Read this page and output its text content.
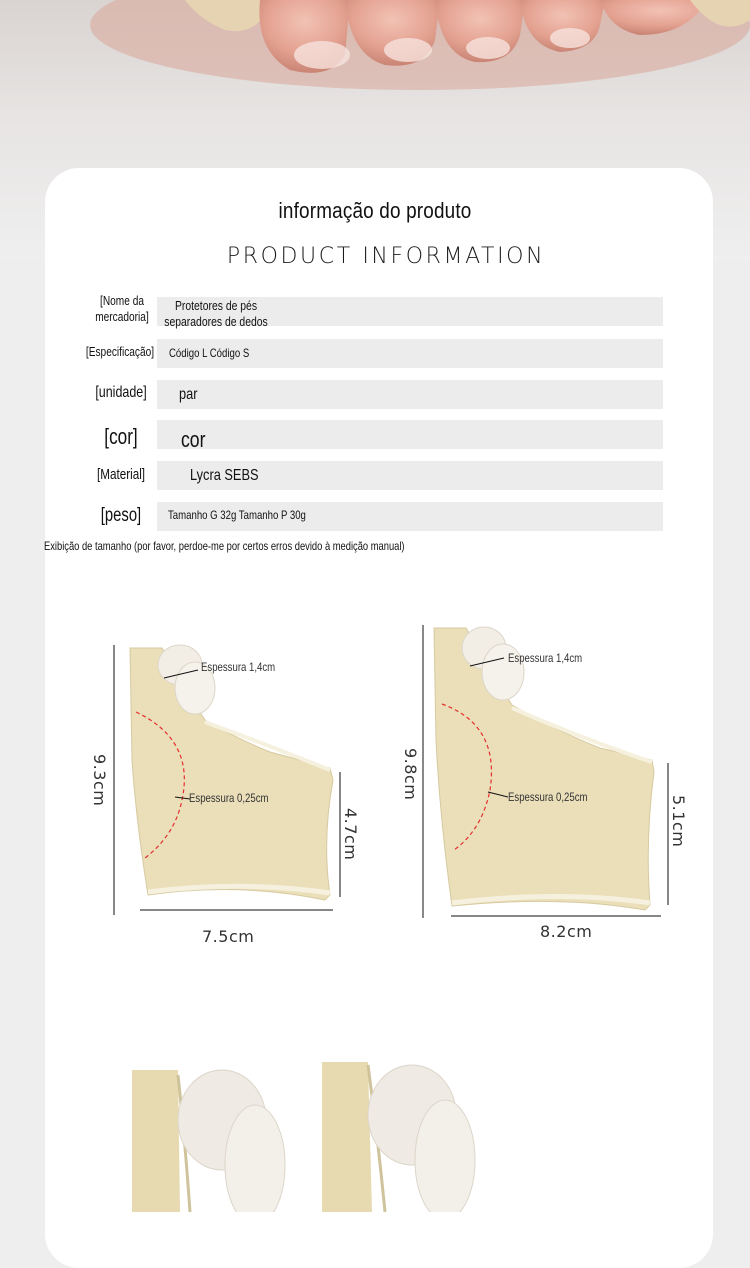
informação do produto
PRODUCT INFORMATION
[Nome da mercadoria]
Protetores de pés separadores de dedos
[Especificação]	Código L Código S
[unidade]	par
[cor]	cor
[Material]	Lycra SEBS
[peso]	Tamanho G 32g Tamanho P 30g
Exibição de tamanho (por favor, perdoe-me por certos erros devido à medição manual)
9.3cm
7.5cm
4.7cm
Espessura 1,4cm
Espessura 0,25cm	9.8cm
8.2cm
5.1cm
Espessura 1,4cm
Espessura 0,25cm
